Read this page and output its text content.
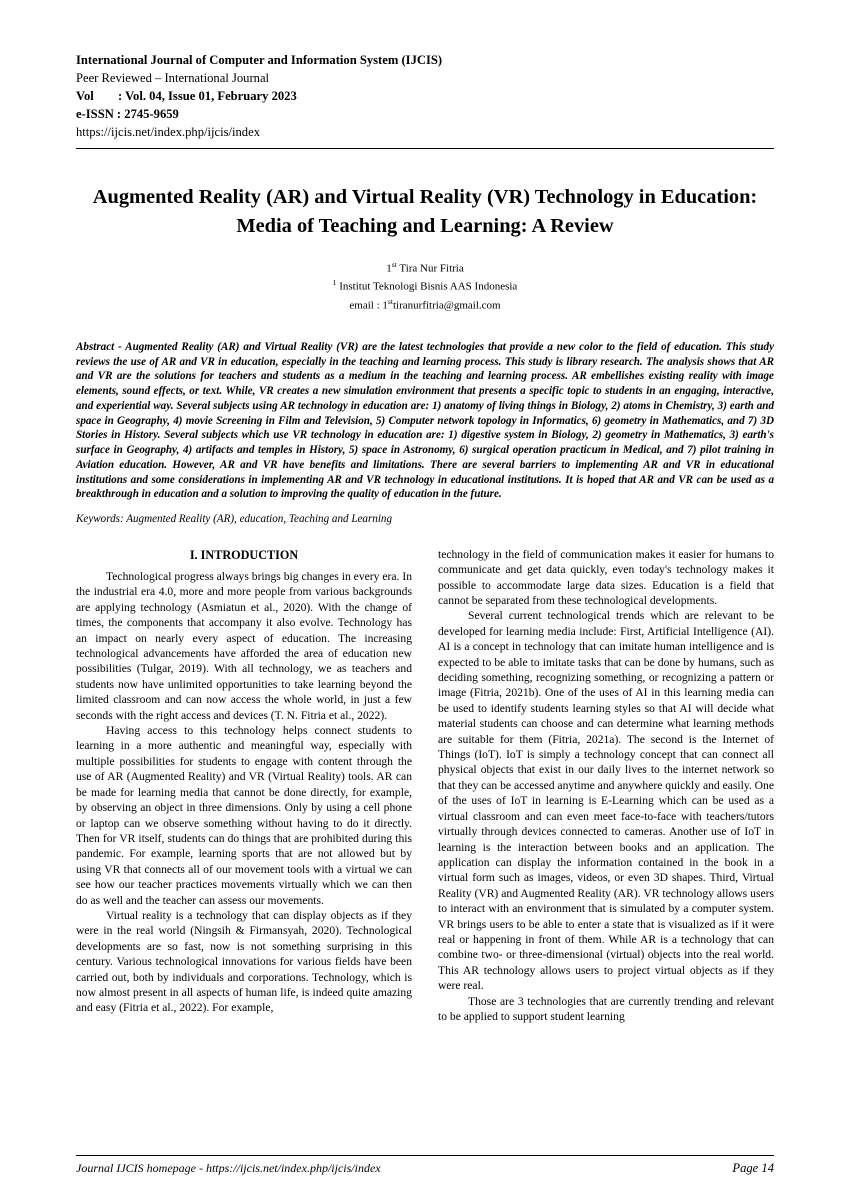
International Journal of Computer and Information System (IJCIS)
Peer Reviewed – International Journal
Vol	: Vol. 04, Issue 01, February 2023
e-ISSN : 2745-9659
https://ijcis.net/index.php/ijcis/index
Augmented Reality (AR) and Virtual Reality (VR) Technology in Education: Media of Teaching and Learning: A Review
1st Tira Nur Fitria
$^1$ Institut Teknologi Bisnis AAS Indonesia
email : 1sttiranurfitria@gmail.com
Abstract - Augmented Reality (AR) and Virtual Reality (VR) are the latest technologies that provide a new color to the field of education. This study reviews the use of AR and VR in education, especially in the teaching and learning process. This study is library research. The analysis shows that AR and VR are the solutions for teachers and students as a medium in the teaching and learning process. AR embellishes existing reality with image elements, sound effects, or text. While, VR creates a new simulation environment that presents a specific topic to students in an engaging, interactive, and experiential way. Several subjects using AR technology in education are: 1) anatomy of living things in Biology, 2) atoms in Chemistry, 3) earth and space in Geography, 4) movie Screening in Film and Television, 5) Computer network topology in Informatics, 6) geometry in Mathematics, and 7) 3D Stories in History. Several subjects which use VR technology in education are: 1) digestive system in Biology, 2) geometry in Mathematics, 3) earth's surface in Geography, 4) artifacts and temples in History, 5) space in Astronomy, 6) surgical operation practicum in Medical, and 7) pilot training in Aviation education. However, AR and VR have benefits and limitations. There are several barriers to implementing AR and VR in educational institutions and some considerations in implementing AR and VR technology in educational institutions. It is hoped that AR and VR can be used as a breakthrough in education and a solution to improving the quality of education in the future.
Keywords: Augmented Reality (AR), education, Teaching and Learning
I. INTRODUCTION

Technological progress always brings big changes in every era. In the industrial era 4.0, more and more people from various backgrounds are applying technology (Asmiatun et al., 2020). With the change of times, the components that accompany it also evolve. Technology has an impact on nearly every aspect of education. The increasing technological advancements have afforded the area of education new possibilities (Tulgar, 2019). With all technology, we as teachers and students now have unlimited opportunities to take learning beyond the limited classroom and can now access the whole world, in just a few seconds with the right access and devices (T. N. Fitria et al., 2022).

Having access to this technology helps connect students to learning in a more authentic and meaningful way, especially with multiple possibilities for students to engage with content through the use of AR (Augmented Reality) and VR (Virtual Reality) tools. AR can be made for learning media that cannot be done directly, for example, by observing an object in three dimensions. Only by using a cell phone or laptop can we observe something without having to do it directly. Then for VR itself, students can do things that are prohibited during this pandemic. For example, learning sports that are not allowed but by using VR that connects all of our movement tools with a virtual we can see how our teacher practices movements virtually which we can then do as well and the teacher can assess our movements.

Virtual reality is a technology that can display objects as if they were in the real world (Ningsih & Firmansyah, 2020). Technological developments are so fast, now is not something surprising in this century. Various technological innovations for various fields have been carried out, both by individuals and corporations. Technology, which is now almost present in all aspects of human life, is indeed quite amazing and easy (Fitria et al., 2022). For example,

technology in the field of communication makes it easier for humans to communicate and get data quickly, even today's technology makes it possible to accommodate large data sizes. Education is a field that cannot be separated from these technological developments.

Several current technological trends which are relevant to be developed for learning media include: First, Artificial Intelligence (AI). AI is a concept in technology that can imitate human intelligence and is expected to be able to imitate tasks that can be done by humans, such as deciding something, recognizing something, or recognizing a pattern or image (Fitria, 2021b). One of the uses of AI in this learning media can be used to identify students learning styles so that AI will decide what material students can choose and can determine what learning methods are suitable for them (Fitria, 2021a). The second is the Internet of Things (IoT). IoT is simply a technology concept that can connect all physical objects that exist in our daily lives to the internet network so that they can be accessed anytime and anywhere quickly and easily. One of the uses of IoT in learning is E-Learning which can be used as a virtual classroom and can even meet face-to-face with teachers/tutors virtually through devices connected to cameras. Another use of IoT in learning is the interaction between books and an application. The application can display the information contained in the book in a virtual form such as images, videos, or even 3D shapes. Third, Virtual Reality (VR) and Augmented Reality (AR). VR technology allows users to interact with an environment that is simulated by a computer system. VR brings users to be able to enter a state that is visualized as if it were real or happening in front of them. While AR is a technology that can combine two- or three-dimensional (virtual) objects into the real world. This AR technology allows users to project virtual objects as if they were real.

Those are 3 technologies that are currently trending and relevant to be applied to support student learning

Journal IJCIS homepage - https://ijcis.net/index.php/ijcis/index	Page 14
